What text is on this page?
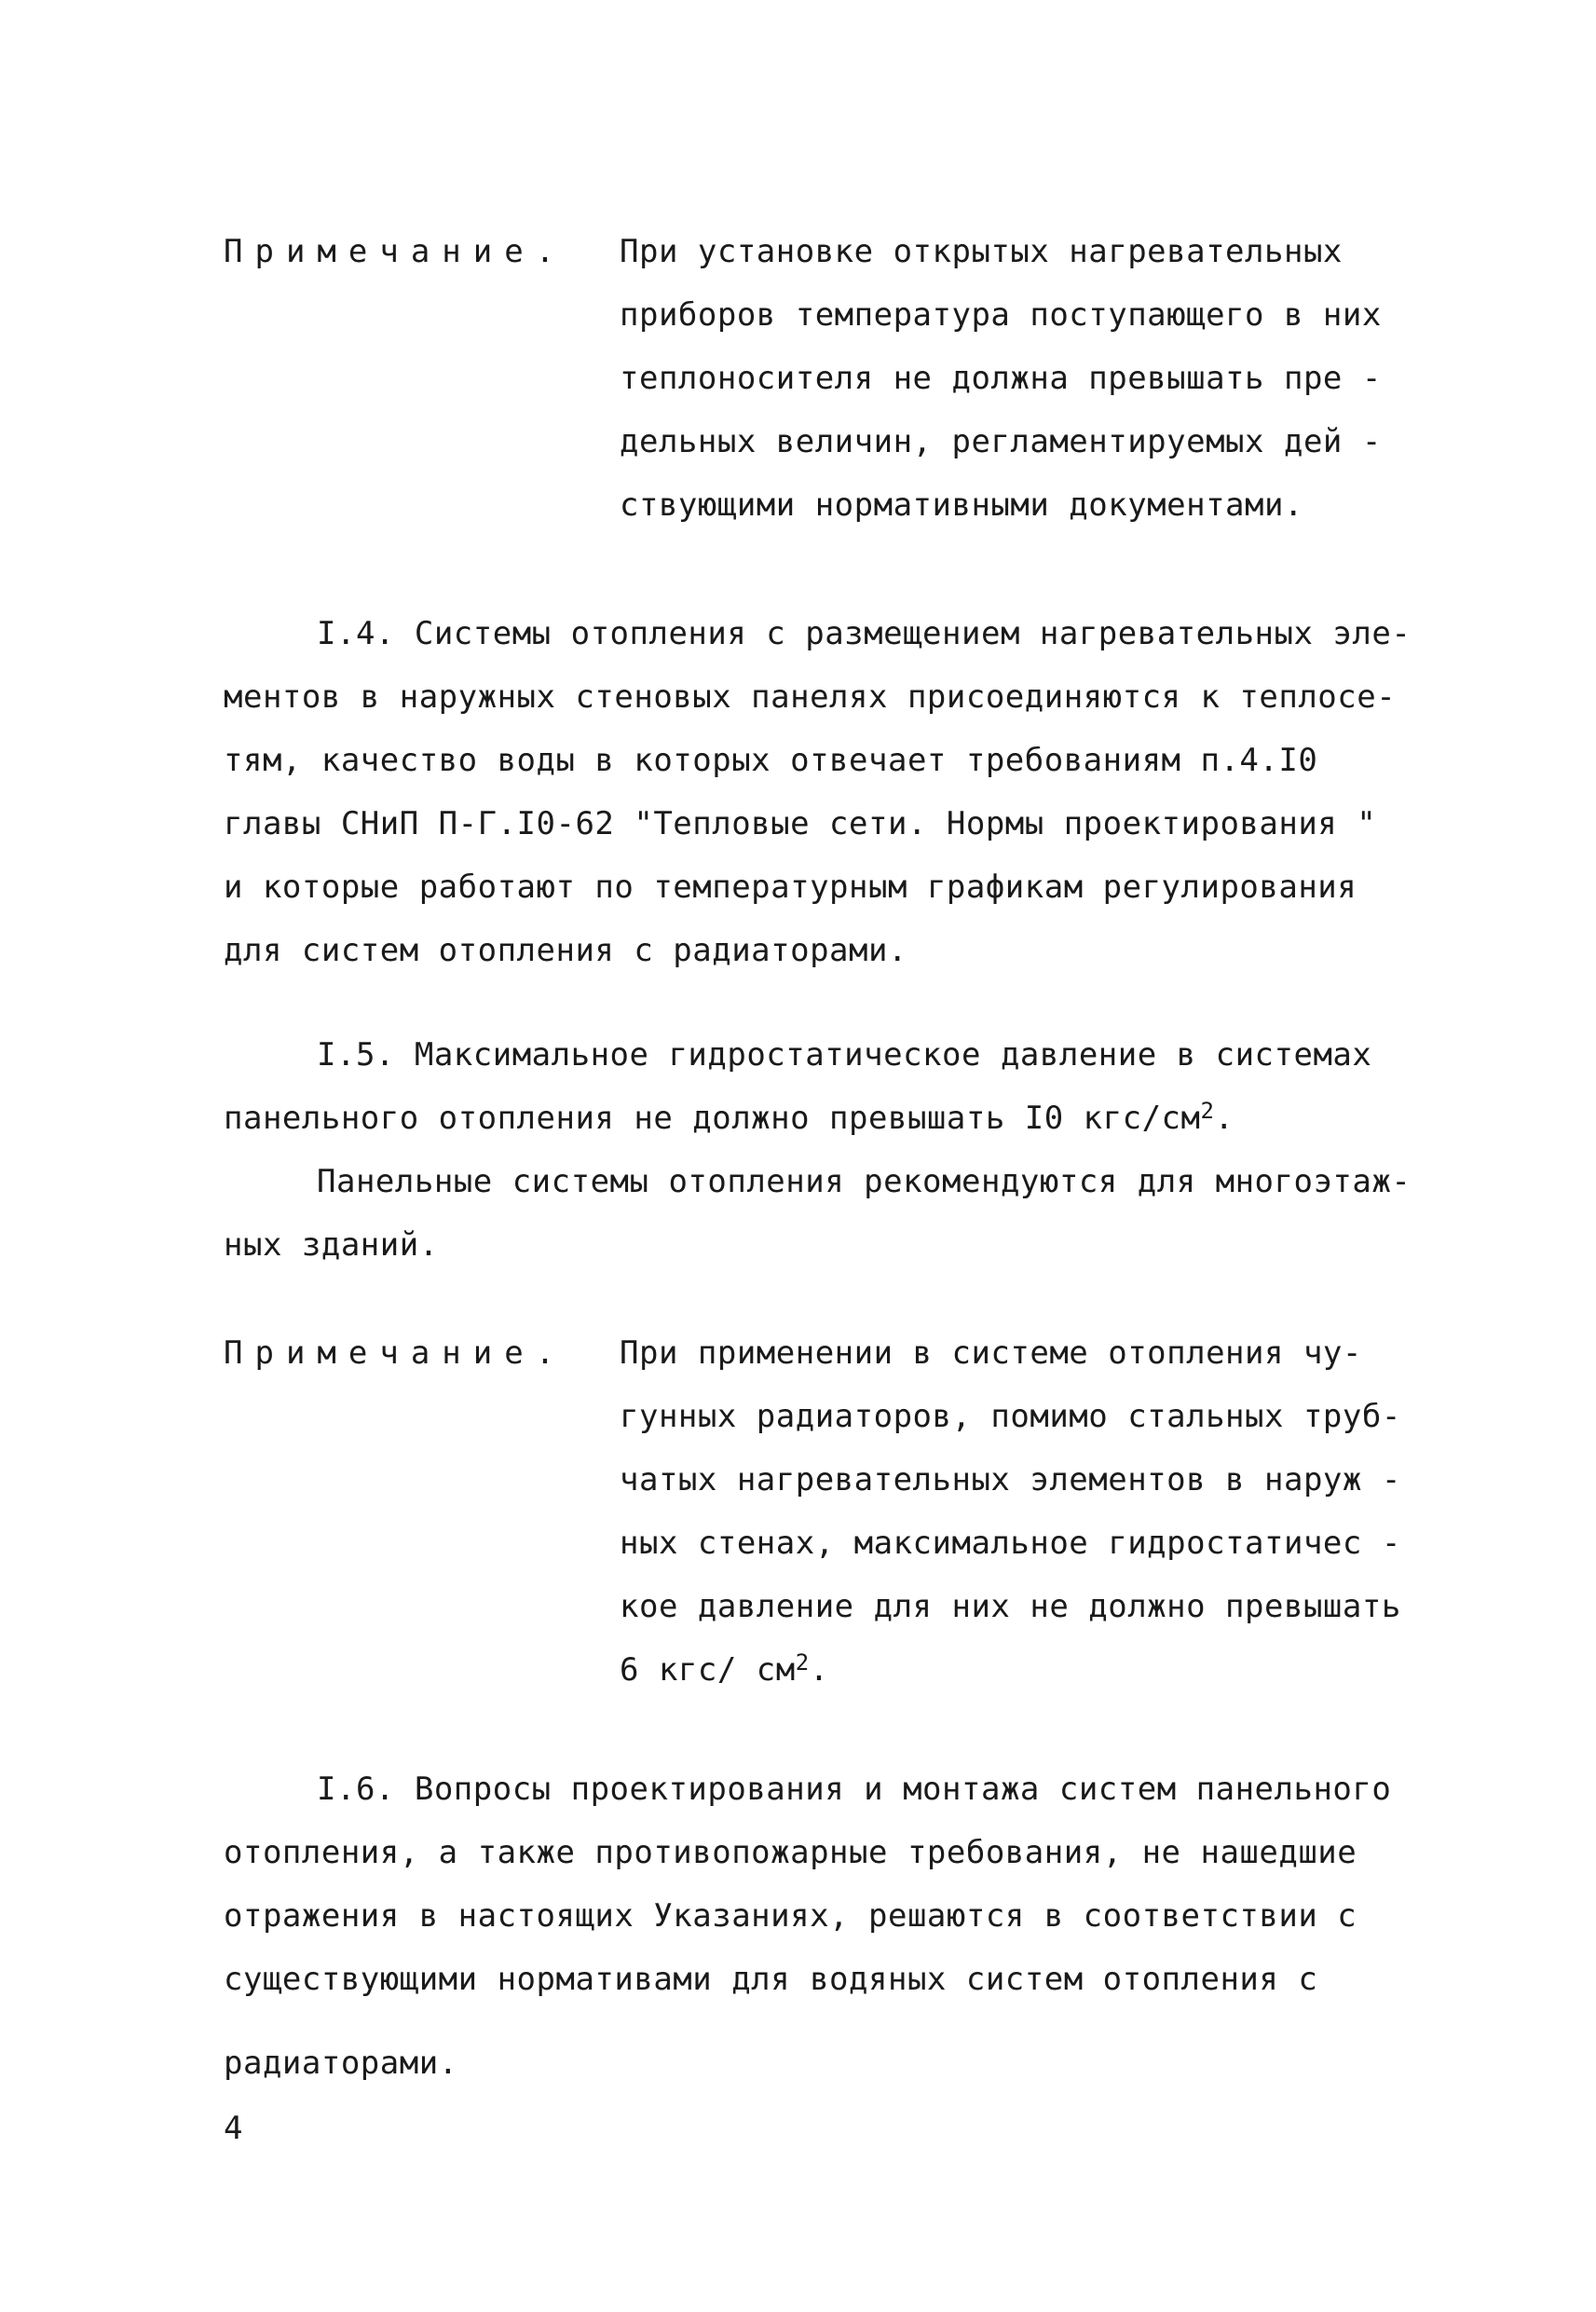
Примечание. При установке открытых нагревательных
приборов температура поступающего в них
теплоносителя не должна превышать пре -
дельных величин, регламентируемых дей -
ствующими нормативными документами.
I.4. Системы отопления с размещением нагревательных эле-
ментов в наружных стеновых панелях присоединяются к теплосе-
тям, качество воды в которых отвечает требованиям п.4.I0
главы СНиП П-Г.I0-62 "Тепловые сети. Нормы проектирования "
и которые работают по температурным графикам регулирования
для систем отопления с радиаторами.
I.5. Максимальное гидростатическое давление в системах
панельного отопления не должно превышать I0 кгс/$см^2$.
Панельные системы отопления рекомендуются для многоэтаж-
ных зданий.
Примечание. При применении в системе отопления чу-
гунных радиаторов, помимо стальных труб-
чатых нагревательных элементов в наруж -
ных стенах, максимальное гидростатичес -
кое давление для них не должно превышать
6 кгс/ $см^2$.
I.6. Вопросы проектирования и монтажа систем панельного
отопления, а также противопожарные требования, не нашедшие
отражения в настоящих Указаниях, решаются в соответствии с
существующими нормативами для водяных систем отопления с
радиаторами.
4
